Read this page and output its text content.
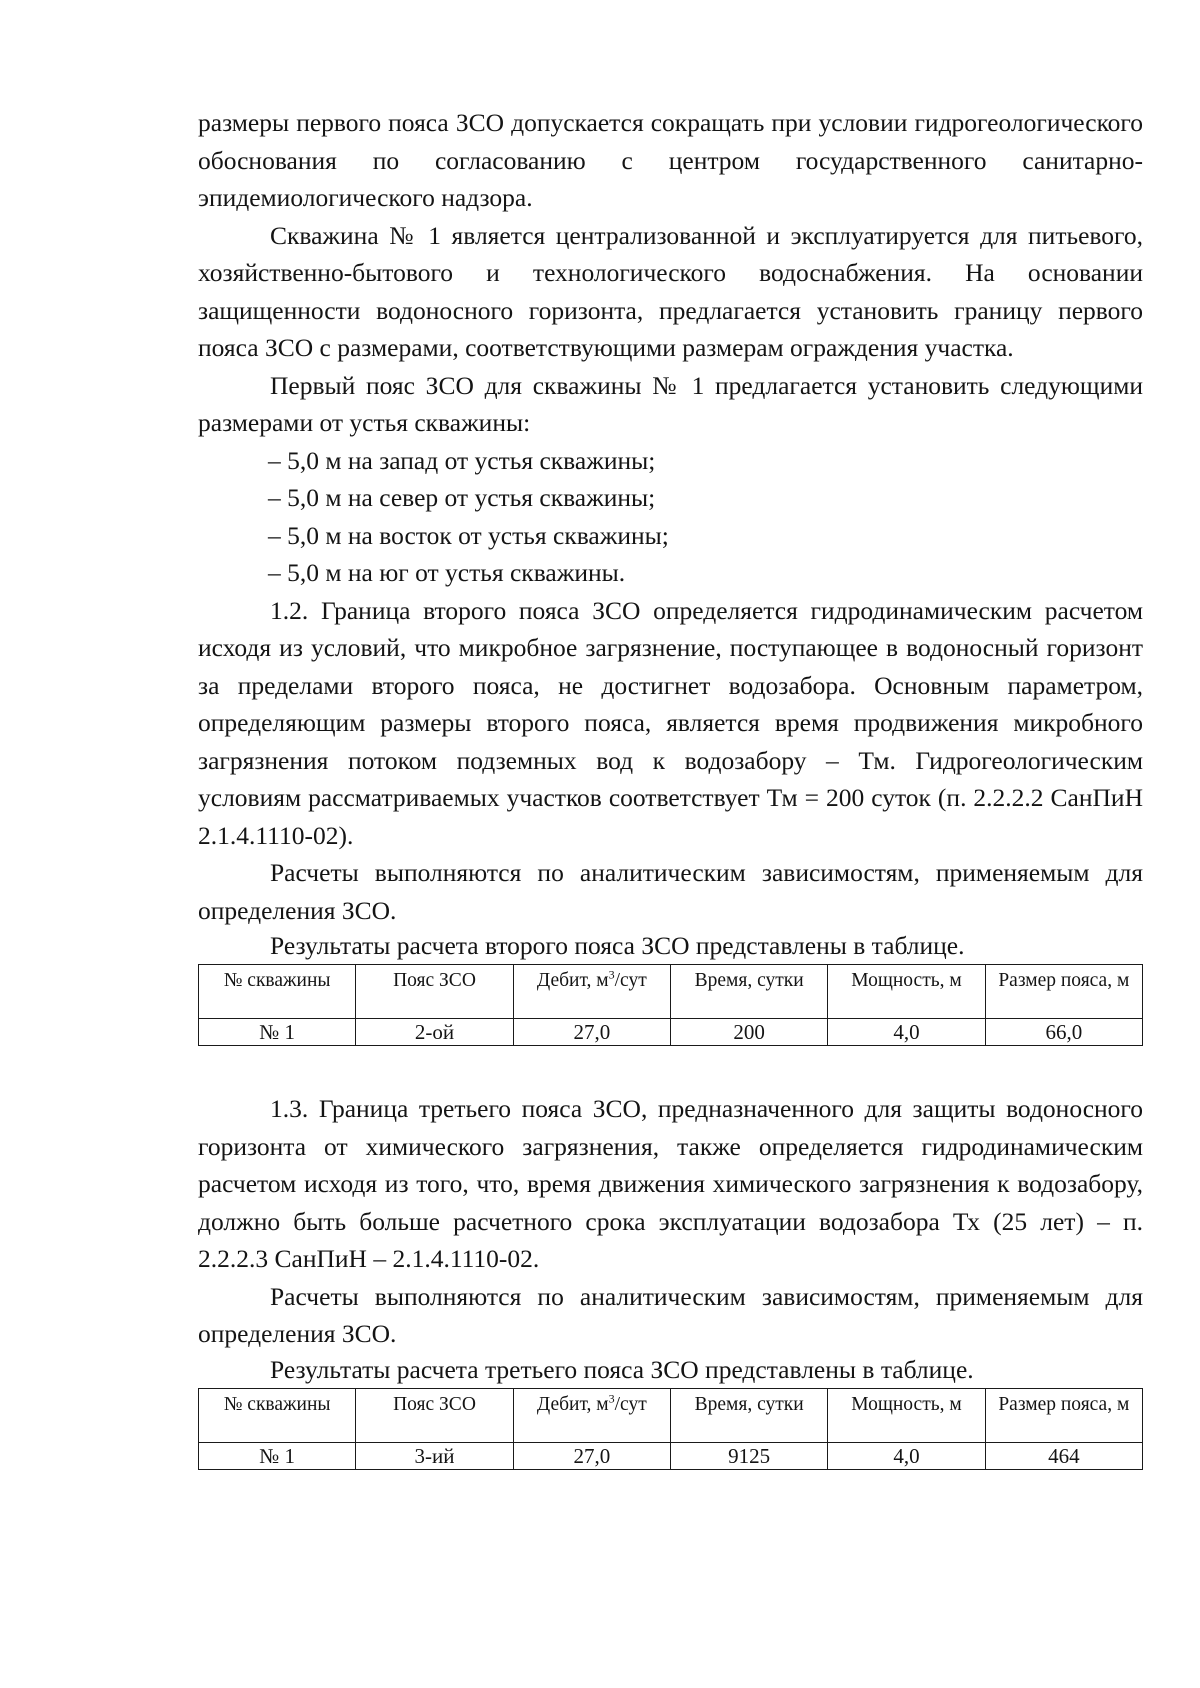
размеры первого пояса ЗСО допускается сокращать при условии гидрогеологического обоснования по согласованию с центром государственного санитарно-эпидемиологического надзора.

Скважина № 1 является централизованной и эксплуатируется для питьевого, хозяйственно-бытового и технологического водоснабжения. На основании защищенности водоносного горизонта, предлагается установить границу первого пояса ЗСО с размерами, соответствующими размерам ограждения участка.

Первый пояс ЗСО для скважины № 1 предлагается установить следующими размерами от устья скважины:

– 5,0 м на запад от устья скважины;

– 5,0 м на север от устья скважины;

– 5,0 м на восток от устья скважины;

– 5,0 м на юг от устья скважины.

1.2. Граница второго пояса ЗСО определяется гидродинамическим расчетом исходя из условий, что микробное загрязнение, поступающее в водоносный горизонт за пределами второго пояса, не достигнет водозабора. Основным параметром, определяющим размеры второго пояса, является время продвижения микробного загрязнения потоком подземных вод к водозабору – Тм. Гидрогеологическим условиям рассматриваемых участков соответствует Тм = 200 суток (п. 2.2.2.2 СанПиН 2.1.4.1110-02).

Расчеты выполняются по аналитическим зависимостям, применяемым для определения ЗСО.

Результаты расчета второго пояса ЗСО представлены в таблице.

№ скважины	Пояс ЗСО	Дебит, $м^3$/сут	Время, сутки	Мощность, м	Размер пояса, м
№ 1	2-ой	27,0	200	4,0	66,0

1.3. Граница третьего пояса ЗСО, предназначенного для защиты водоносного горизонта от химического загрязнения, также определяется гидродинамическим расчетом исходя из того, что, время движения химического загрязнения к водозабору, должно быть больше расчетного срока эксплуатации водозабора Тх (25 лет) – п. 2.2.2.3 СанПиН – 2.1.4.1110-02.

Расчеты выполняются по аналитическим зависимостям, применяемым для определения ЗСО.

Результаты расчета третьего пояса ЗСО представлены в таблице.

№ скважины	Пояс ЗСО	Дебит, $м^3$/сут	Время, сутки	Мощность, м	Размер пояса, м
№ 1	3-ий	27,0	9125	4,0	464
